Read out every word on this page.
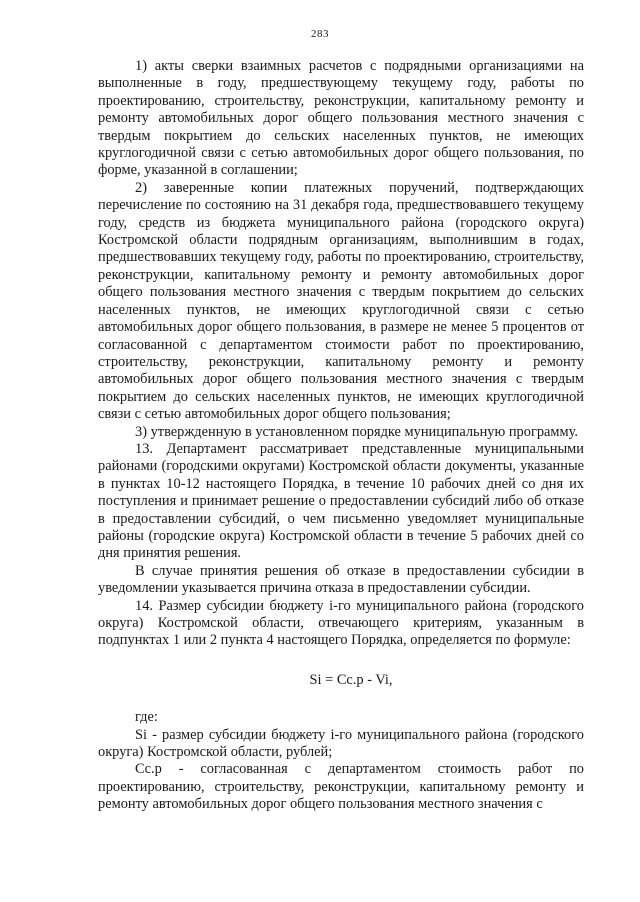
283

1) акты сверки взаимных расчетов с подрядными организациями на выполненные в году, предшествующему текущему году, работы по проектированию, строительству, реконструкции, капитальному ремонту и ремонту автомобильных дорог общего пользования местного значения с твердым покрытием до сельских населенных пунктов, не имеющих круглогодичной связи с сетью автомобильных дорог общего пользования, по форме, указанной в соглашении;

2) заверенные копии платежных поручений, подтверждающих перечисление по состоянию на 31 декабря года, предшествовавшего текущему году, средств из бюджета муниципального района (городского округа) Костромской области подрядным организациям, выполнившим в годах, предшествовавших текущему году, работы по проектированию, строительству, реконструкции, капитальному ремонту и ремонту автомобильных дорог общего пользования местного значения с твердым покрытием до сельских населенных пунктов, не имеющих круглогодичной связи с сетью автомобильных дорог общего пользования, в размере не менее 5 процентов от согласованной с департаментом стоимости работ по проектированию, строительству, реконструкции, капитальному ремонту и ремонту автомобильных дорог общего пользования местного значения с твердым покрытием до сельских населенных пунктов, не имеющих круглогодичной связи с сетью автомобильных дорог общего пользования;

3) утвержденную в установленном порядке муниципальную программу.

13. Департамент рассматривает представленные муниципальными районами (городскими округами) Костромской области документы, указанные в пунктах 10-12 настоящего Порядка, в течение 10 рабочих дней со дня их поступления и принимает решение о предоставлении субсидий либо об отказе в предоставлении субсидий, о чем письменно уведомляет муниципальные районы (городские округа) Костромской области в течение 5 рабочих дней со дня принятия решения.

В случае принятия решения об отказе в предоставлении субсидии в уведомлении указывается причина отказа в предоставлении субсидии.

14. Размер субсидии бюджету i-го муниципального района (городского округа) Костромской области, отвечающего критериям, указанным в подпунктах 1 или 2 пункта 4 настоящего Порядка, определяется по формуле:

Si = Cc.p - Vi,

где:

Si - размер субсидии бюджету i-го муниципального района (городского округа) Костромской области, рублей;

Cc.p - согласованная с департаментом стоимость работ по проектированию, строительству, реконструкции, капитальному ремонту и ремонту автомобильных дорог общего пользования местного значения с
